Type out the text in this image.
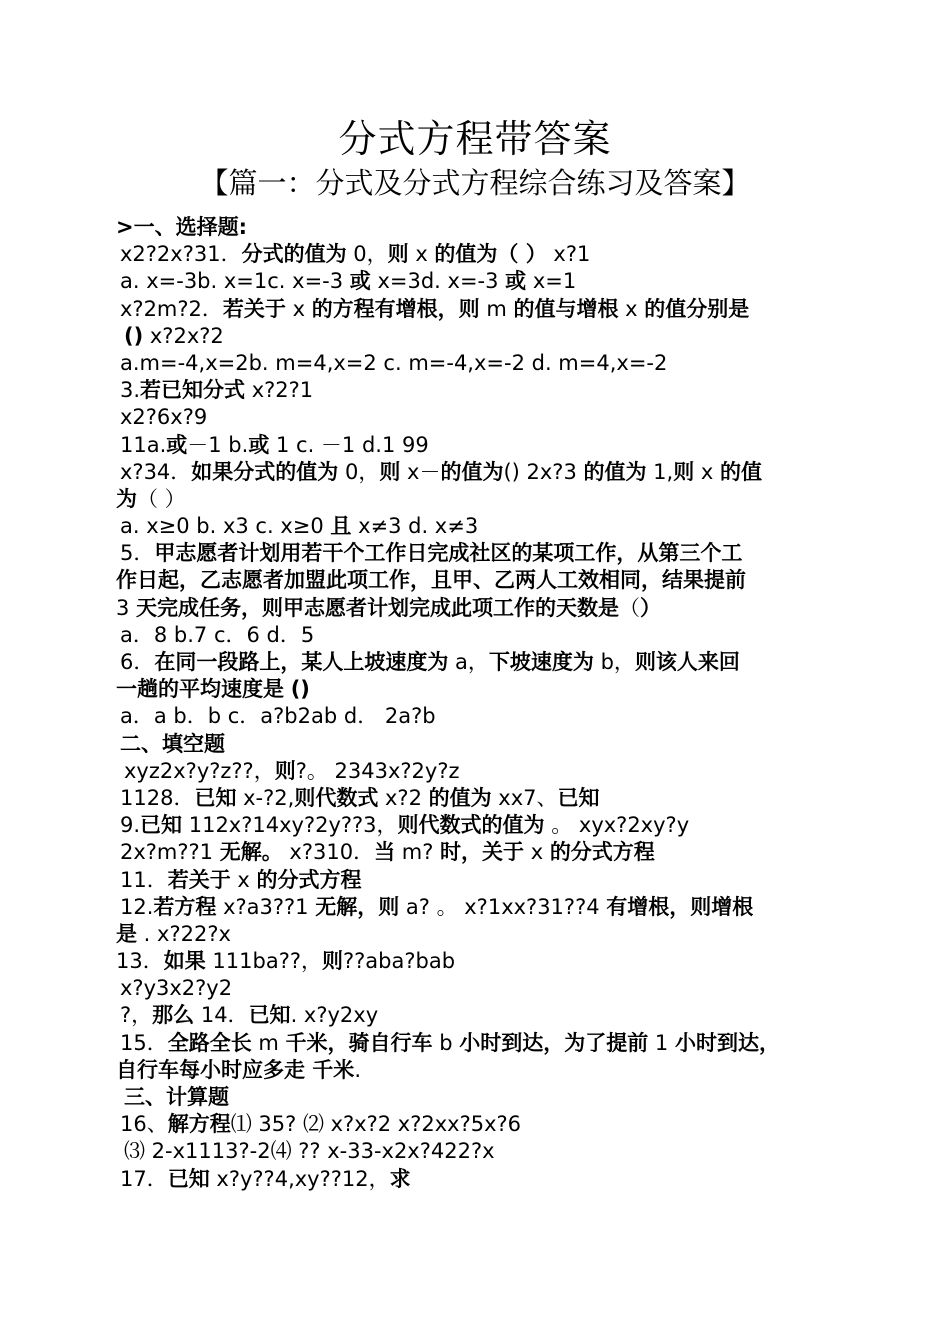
分式方程带答案
【篇一：分式及分式方程综合练习及答案】
>一、选择题:
x2?2x?31．分式的值为 0，则 x 的值为（ ） x?1
a. x=-3b. x=1c. x=-3 或 x=3d. x=-3 或 x=1
x?2m?2．若关于 x 的方程有增根，则 m 的值与增根 x 的值分别是
() x?2x?2
a.m=-4,x=2b. m=4,x=2 c. m=-4,x=-2 d. m=4,x=-2
3.若已知分式 x?2?1
x2?6x?9
11a.或－1 b.或 1 c. －1 d.1 99
x?34．如果分式的值为 0，则 x－的值为() 2x?3 的值为 1,则 x 的值
为（ ）
a. x≥0 b. x3 c. x≥0 且 x≠3 d. x≠3
5．甲志愿者计划用若干个工作日完成社区的某项工作，从第三个工
作日起，乙志愿者加盟此项工作，且甲、乙两人工效相同，结果提前
3 天完成任务，则甲志愿者计划完成此项工作的天数是（）
a．8 b.7 c．6 d．5
6．在同一段路上，某人上坡速度为 a，下坡速度为 b，则该人来回
一趟的平均速度是 ()
a．a b．b c．a?b2ab d． 2a?b
二、填空题
xyz2x?y?z??，则?。 2343x?2y?z
1128．已知 x-?2,则代数式 x?2 的值为 xx7、已知
9.已知 112x?14xy?2y??3，则代数式的值为 。 xyx?2xy?y
2x?m??1 无解。 x?310．当 m? 时，关于 x 的分式方程
11．若关于 x 的分式方程
12.若方程 x?a3??1 无解，则 a? 。 x?1xx?31??4 有增根，则增根
是 . x?22?x
13．如果 111ba??，则??aba?bab
x?y3x2?y2
?，那么 14．已知. x?y2xy
15．全路全长 m 千米，骑自行车 b 小时到达，为了提前 1 小时到达，
自行车每小时应多走 千米.
三、计算题
16、解方程⑴ 35? ⑵ x?x?2 x?2xx?5x?6
⑶ 2-x1113?-2⑷ ?? x-33-x2x?422?x
17．已知 x?y??4,xy??12，求
